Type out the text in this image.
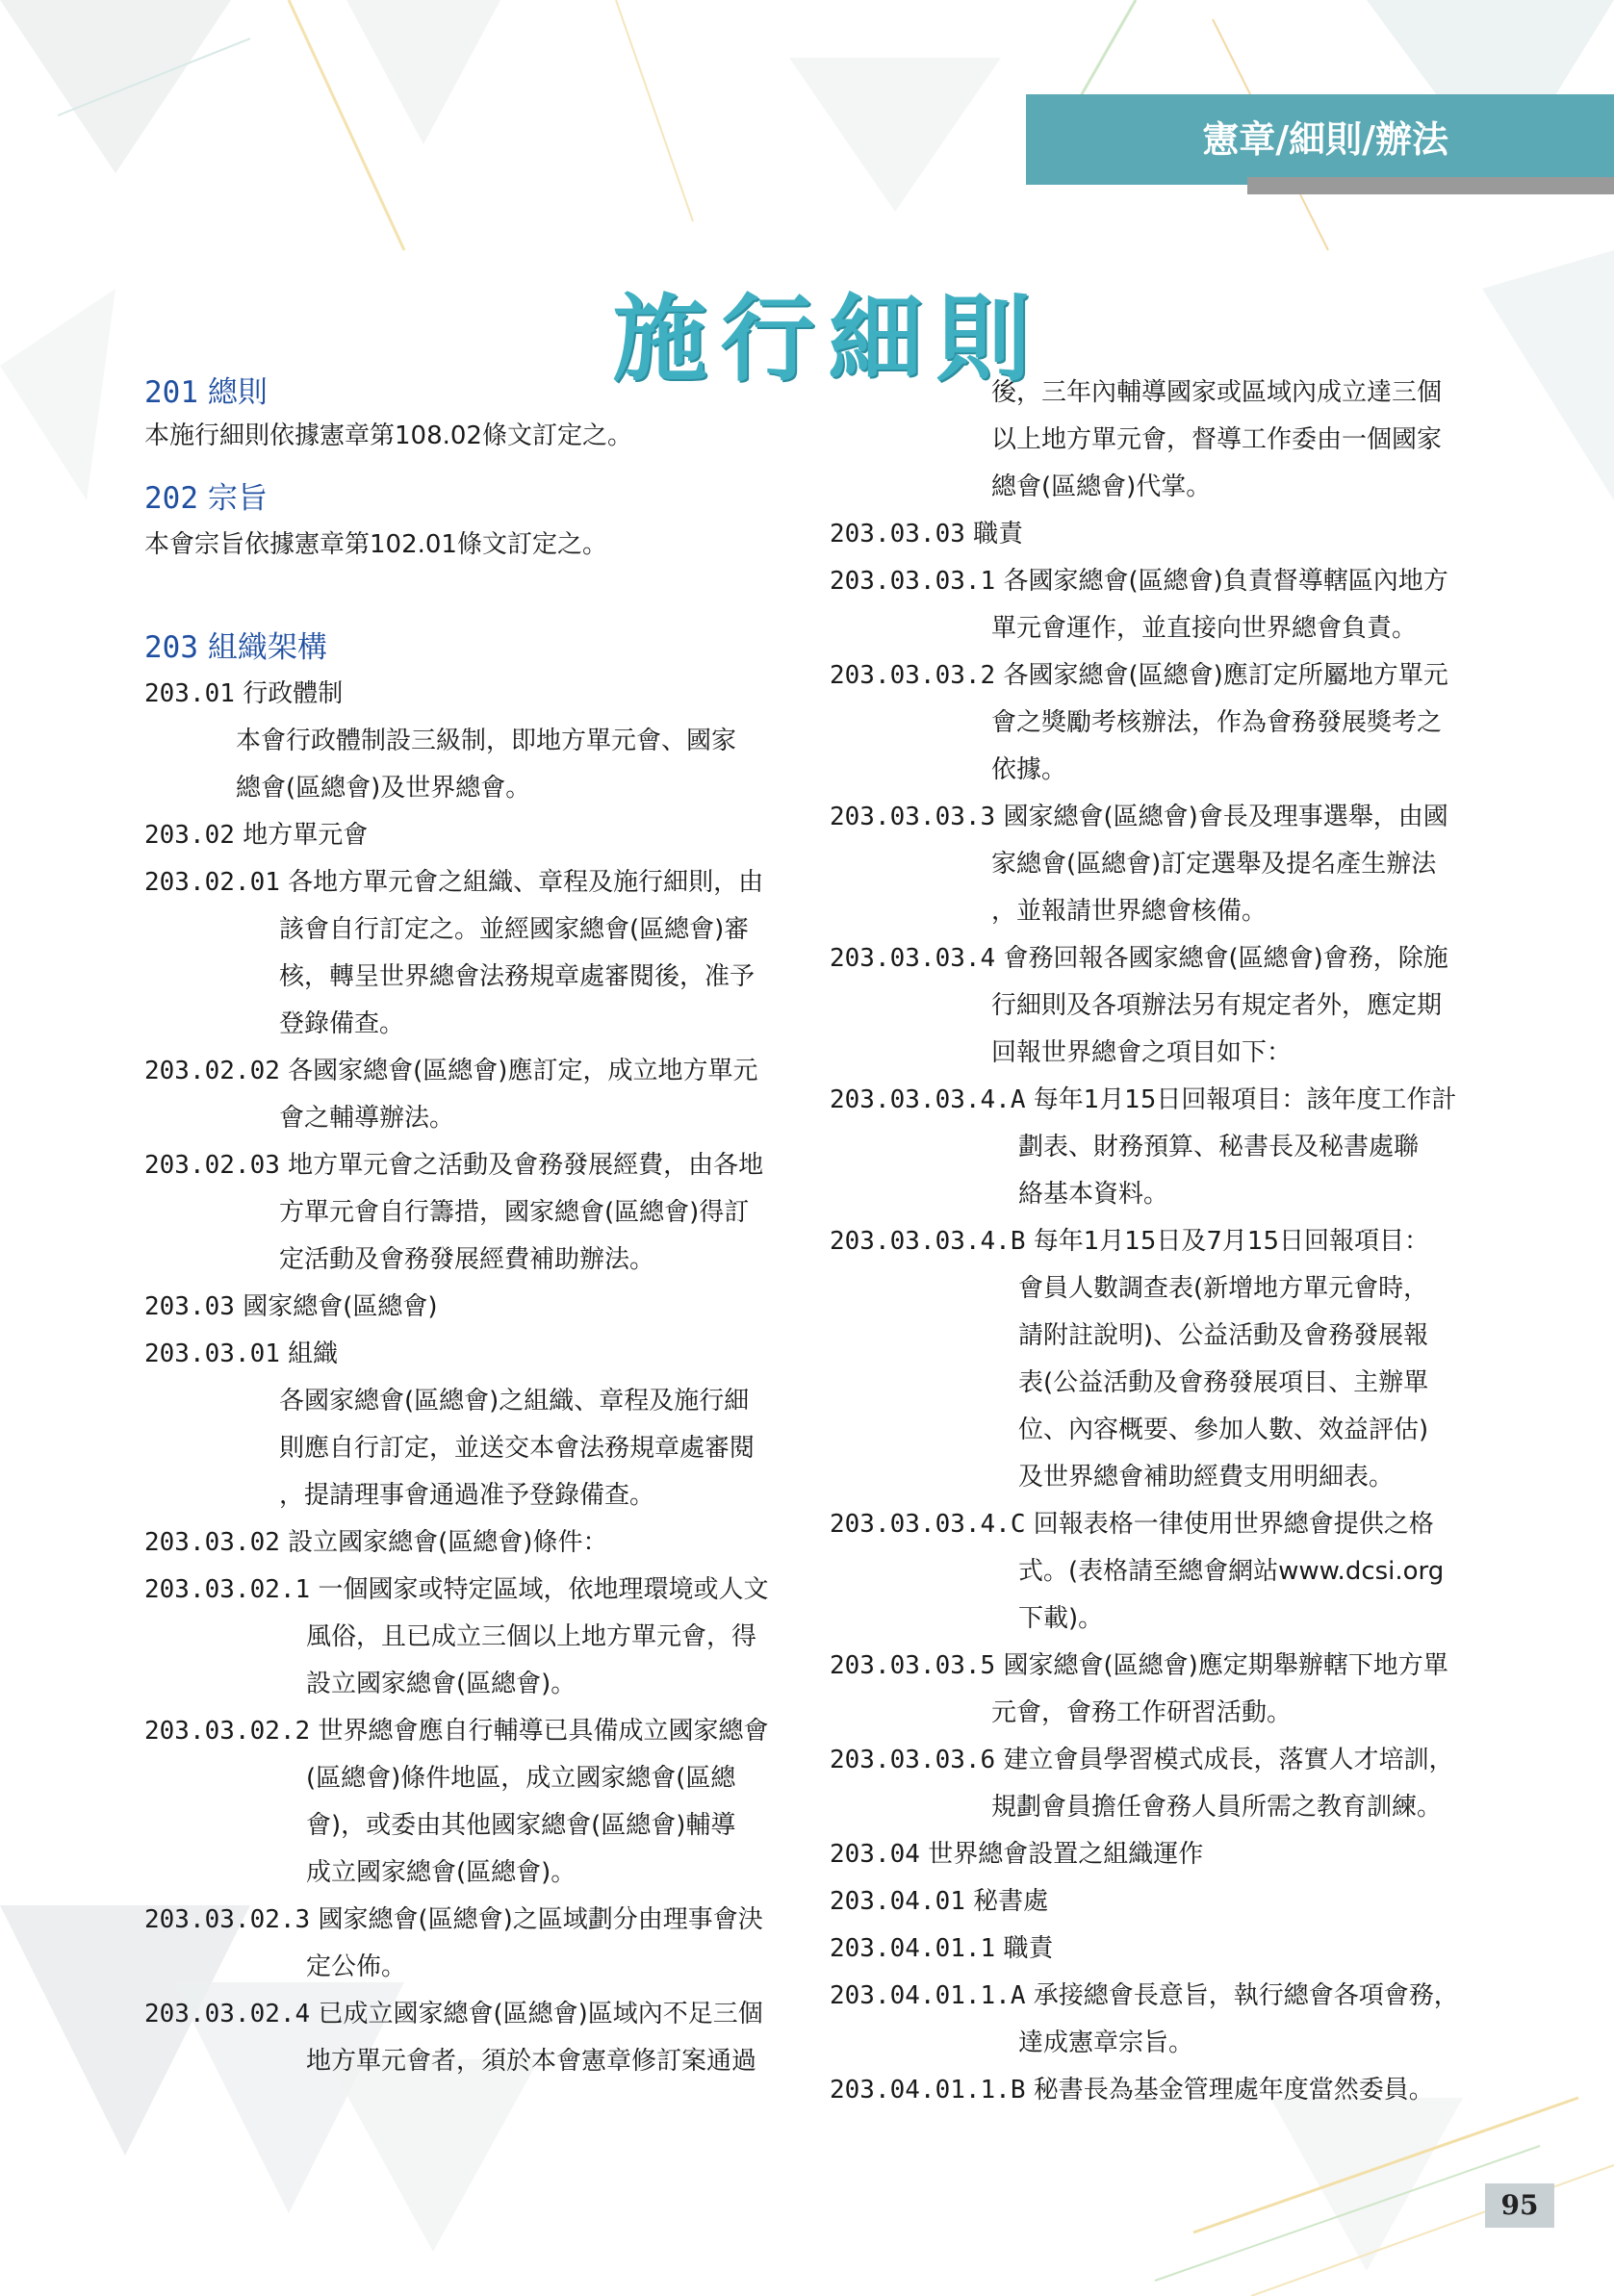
憲章/細則/辦法
施行細則
201 總則
本施行細則依據憲章第108.02條文訂定之。
202 宗旨
本會宗旨依據憲章第102.01條文訂定之。
203 組織架構
203.01 行政體制
本會行政體制設三級制，即地方單元會、國家
總會(區總會)及世界總會。
203.02 地方單元會
203.02.01 各地方單元會之組織、章程及施行細則，由
該會自行訂定之。並經國家總會(區總會)審
核，轉呈世界總會法務規章處審閱後，准予
登錄備查。
203.02.02 各國家總會(區總會)應訂定，成立地方單元
會之輔導辦法。
203.02.03 地方單元會之活動及會務發展經費，由各地
方單元會自行籌措，國家總會(區總會)得訂
定活動及會務發展經費補助辦法。
203.03 國家總會(區總會)
203.03.01 組織
各國家總會(區總會)之組織、章程及施行細
則應自行訂定，並送交本會法務規章處審閱
，提請理事會通過准予登錄備查。
203.03.02 設立國家總會(區總會)條件：
203.03.02.1 一個國家或特定區域，依地理環境或人文
風俗，且已成立三個以上地方單元會，得
設立國家總會(區總會)。
203.03.02.2 世界總會應自行輔導已具備成立國家總會
(區總會)條件地區，成立國家總會(區總
會)，或委由其他國家總會(區總會)輔導
成立國家總會(區總會)。
203.03.02.3 國家總會(區總會)之區域劃分由理事會決
定公佈。
203.03.02.4 已成立國家總會(區總會)區域內不足三個
地方單元會者，須於本會憲章修訂案通過
後，三年內輔導國家或區域內成立達三個
以上地方單元會，督導工作委由一個國家
總會(區總會)代掌。
203.03.03 職責
203.03.03.1 各國家總會(區總會)負責督導轄區內地方
單元會運作，並直接向世界總會負責。
203.03.03.2 各國家總會(區總會)應訂定所屬地方單元
會之獎勵考核辦法，作為會務發展獎考之
依據。
203.03.03.3 國家總會(區總會)會長及理事選舉，由國
家總會(區總會)訂定選舉及提名產生辦法
，並報請世界總會核備。
203.03.03.4 會務回報各國家總會(區總會)會務，除施
行細則及各項辦法另有規定者外，應定期
回報世界總會之項目如下：
203.03.03.4.A 每年1月15日回報項目：該年度工作計
劃表、財務預算、秘書長及秘書處聯
絡基本資料。
203.03.03.4.B 每年1月15日及7月15日回報項目：
會員人數調查表(新增地方單元會時，
請附註說明)、公益活動及會務發展報
表(公益活動及會務發展項目、主辦單
位、內容概要、參加人數、效益評估)
及世界總會補助經費支用明細表。
203.03.03.4.C 回報表格一律使用世界總會提供之格
式。(表格請至總會網站www.dcsi.org
下載)。
203.03.03.5 國家總會(區總會)應定期舉辦轄下地方單
元會，會務工作研習活動。
203.03.03.6 建立會員學習模式成長，落實人才培訓，
規劃會員擔任會務人員所需之教育訓練。
203.04 世界總會設置之組織運作
203.04.01 秘書處
203.04.01.1 職責
203.04.01.1.A 承接總會長意旨，執行總會各項會務，
達成憲章宗旨。
203.04.01.1.B 秘書長為基金管理處年度當然委員。
95
